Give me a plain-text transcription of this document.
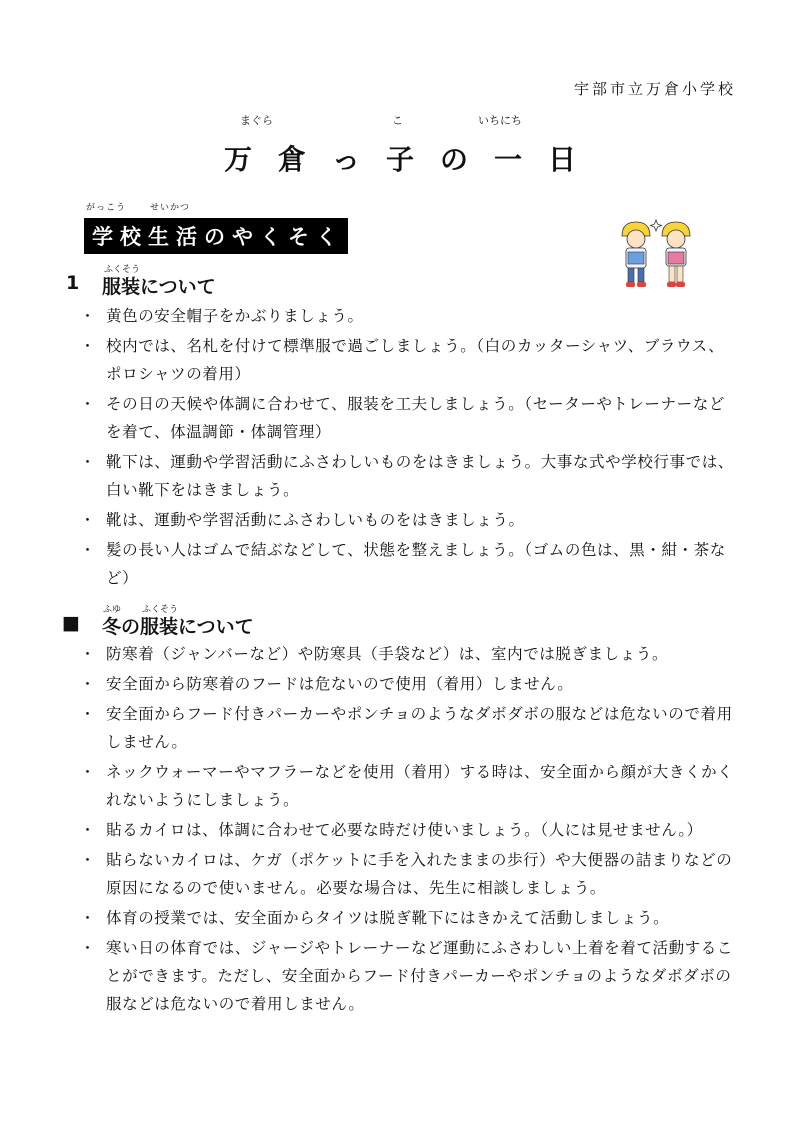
宇部市立万倉小学校
まぐら	こ	いちにち
万倉っ子の一日
がっこう	せいかつ
学校生活のやくそく
1
ふくそう
服装について
・ 黄色の安全帽子をかぶりましょう。
・ 校内では、名札を付けて標準服で過ごしましょう。（白のカッターシャツ、ブラウス、ポロシャツの着用）
・ その日の天候や体調に合わせて、服装を工夫しましょう。（セーターやトレーナーなどを着て、体温調節・体調管理）
・ 靴下は、運動や学習活動にふさわしいものをはきましょう。大事な式や学校行事では、白い靴下をはきましょう。
・ 靴は、運動や学習活動にふさわしいものをはきましょう。
・ 髪の長い人はゴムで結ぶなどして、状態を整えましょう。（ゴムの色は、黒・紺・茶など）
■
ふゆ ふくそう
冬の服装について
・ 防寒着（ジャンバーなど）や防寒具（手袋など）は、室内では脱ぎましょう。
・ 安全面から防寒着のフードは危ないので使用（着用）しません。
・ 安全面からフード付きパーカーやポンチョのようなダボダボの服などは危ないので着用しません。
・ ネックウォーマーやマフラーなどを使用（着用）する時は、安全面から顔が大きくかくれないようにしましょう。
・ 貼るカイロは、体調に合わせて必要な時だけ使いましょう。（人には見せません。）
・ 貼らないカイロは、ケガ（ポケットに手を入れたままの歩行）や大便器の詰まりなどの原因になるので使いません。必要な場合は、先生に相談しましょう。
・ 体育の授業では、安全面からタイツは脱ぎ靴下にはきかえて活動しましょう。
・ 寒い日の体育では、ジャージやトレーナーなど運動にふさわしい上着を着て活動することができます。ただし、安全面からフード付きパーカーやポンチョのようなダボダボの服などは危ないので着用しません。
